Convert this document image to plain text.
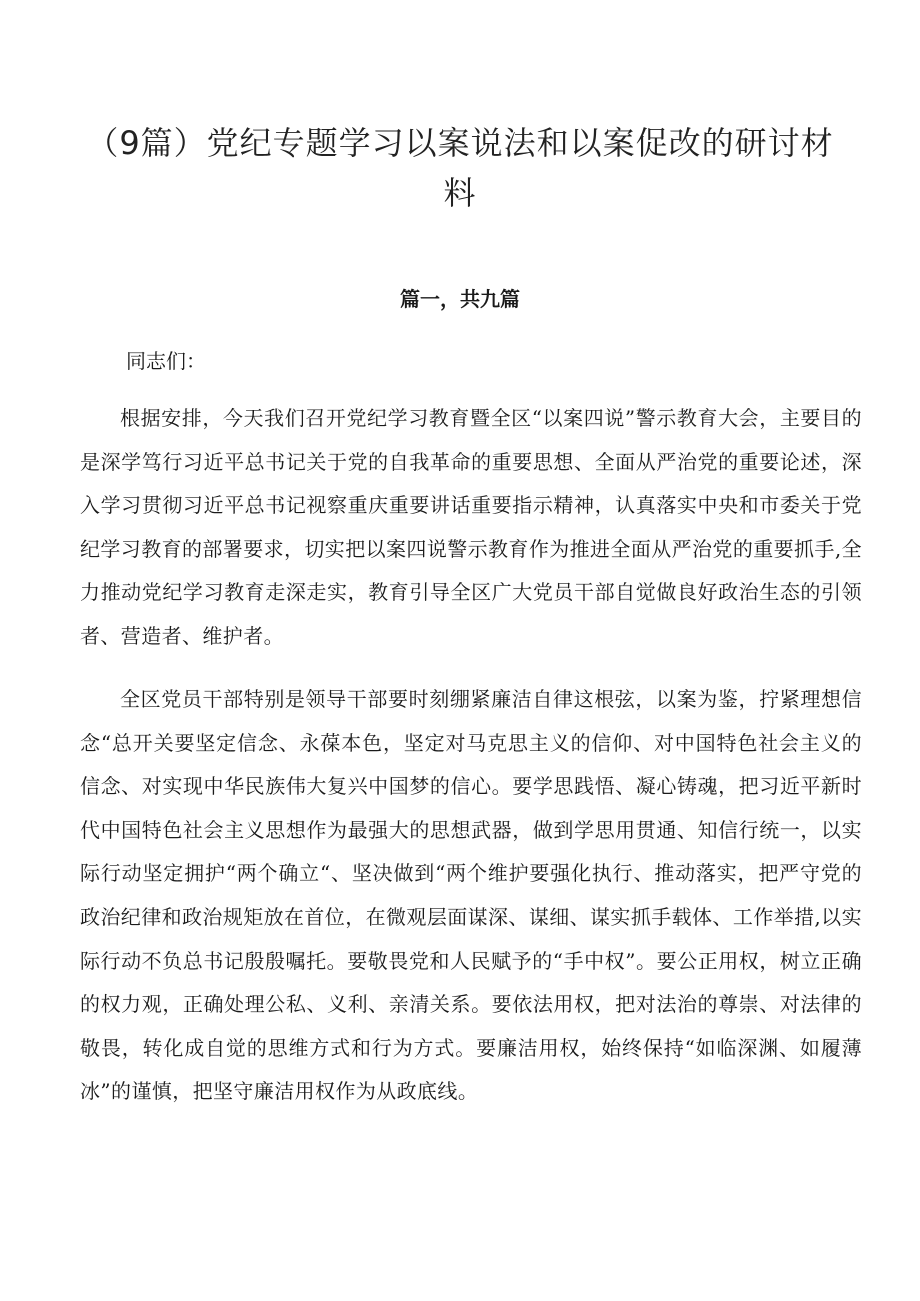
（9篇）党纪专题学习以案说法和以案促改的研讨材料
篇一，共九篇

同志们：

根据安排，今天我们召开党纪学习教育暨全区“以案四说”警示教育大会，主要目的是深学笃行习近平总书记关于党的自我革命的重要思想、全面从严治党的重要论述，深入学习贯彻习近平总书记视察重庆重要讲话重要指示精神，认真落实中央和市委关于党纪学习教育的部署要求，切实把以案四说警示教育作为推进全面从严治党的重要抓手,全力推动党纪学习教育走深走实，教育引导全区广大党员干部自觉做良好政治生态的引领者、营造者、维护者。

全区党员干部特别是领导干部要时刻绷紧廉洁自律这根弦，以案为鉴，拧紧理想信念“总开关要坚定信念、永葆本色，坚定对马克思主义的信仰、对中国特色社会主义的信念、对实现中华民族伟大复兴中国梦的信心。要学思践悟、凝心铸魂，把习近平新时代中国特色社会主义思想作为最强大的思想武器，做到学思用贯通、知信行统一，以实际行动坚定拥护“两个确立“、坚决做到“两个维护要强化执行、推动落实，把严守党的政治纪律和政治规矩放在首位，在微观层面谋深、谋细、谋实抓手载体、工作举措,以实际行动不负总书记殷殷嘱托。要敬畏党和人民赋予的“手中权”。要公正用权，树立正确的权力观，正确处理公私、义利、亲清关系。要依法用权，把对法治的尊崇、对法律的敬畏，转化成自觉的思维方式和行为方式。要廉洁用权，始终保持“如临深渊、如履薄冰”的谨慎，把坚守廉洁用权作为从政底线。
